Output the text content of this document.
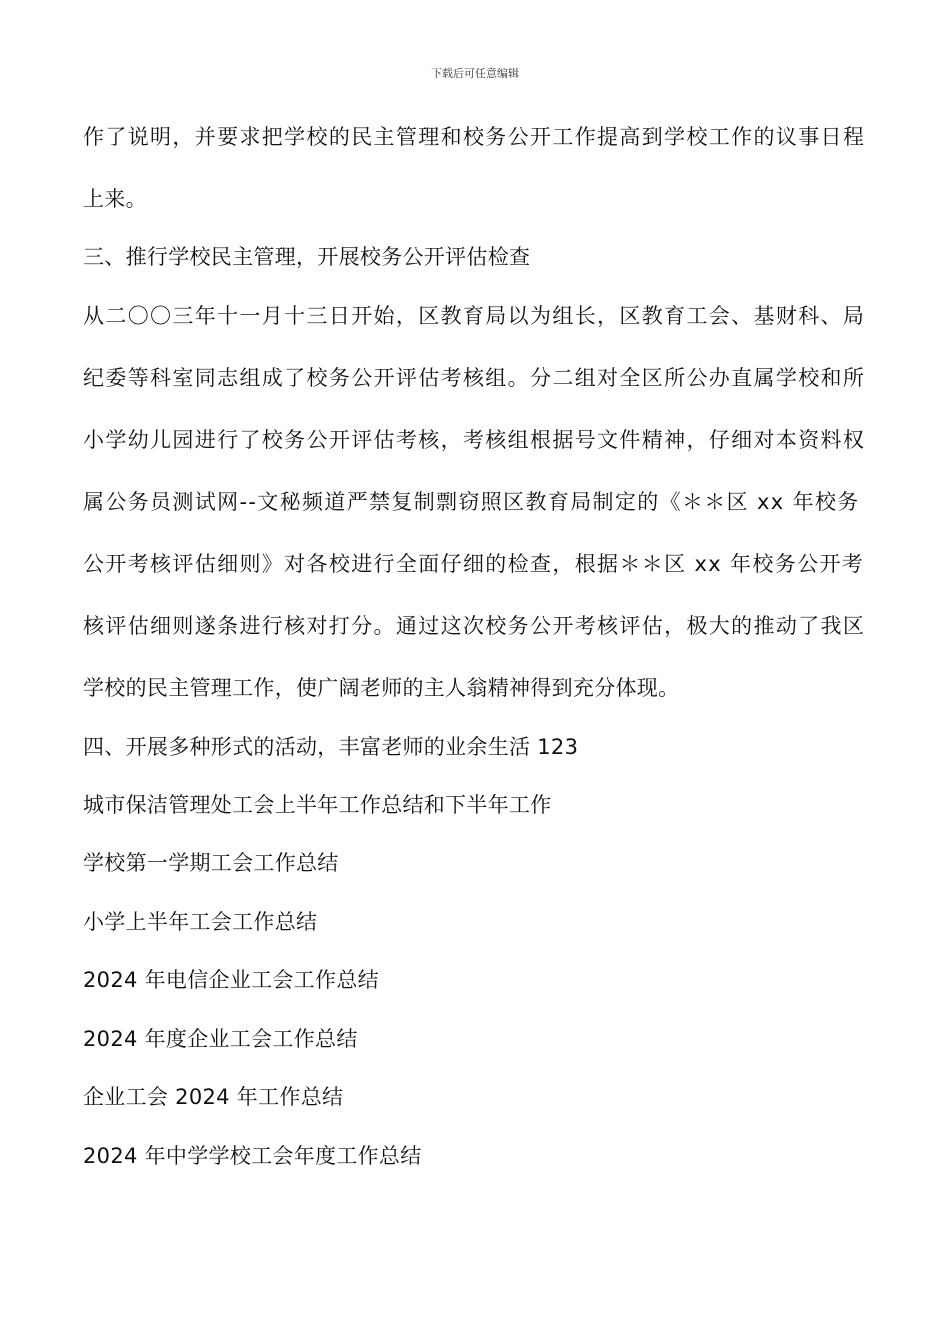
下载后可任意编辑
作了说明，并要求把学校的民主管理和校务公开工作提高到学校工作的议事日程
上来。
三、推行学校民主管理，开展校务公开评估检查
从二〇〇三年十一月十三日开始，区教育局以为组长，区教育工会、基财科、局
纪委等科室同志组成了校务公开评估考核组。分二组对全区所公办直属学校和所
小学幼儿园进行了校务公开评估考核，考核组根据号文件精神，仔细对本资料权
属公务员测试网--文秘频道严禁复制剽窃照区教育局制定的《＊＊区 xx 年校务
公开考核评估细则》对各校进行全面仔细的检查，根据＊＊区 xx 年校务公开考
核评估细则遂条进行核对打分。通过这次校务公开考核评估，极大的推动了我区
学校的民主管理工作，使广阔老师的主人翁精神得到充分体现。
四、开展多种形式的活动，丰富老师的业余生活 123
城市保洁管理处工会上半年工作总结和下半年工作
学校第一学期工会工作总结
小学上半年工会工作总结
2024 年电信企业工会工作总结
2024 年度企业工会工作总结
企业工会 2024 年工作总结
2024 年中学学校工会年度工作总结
